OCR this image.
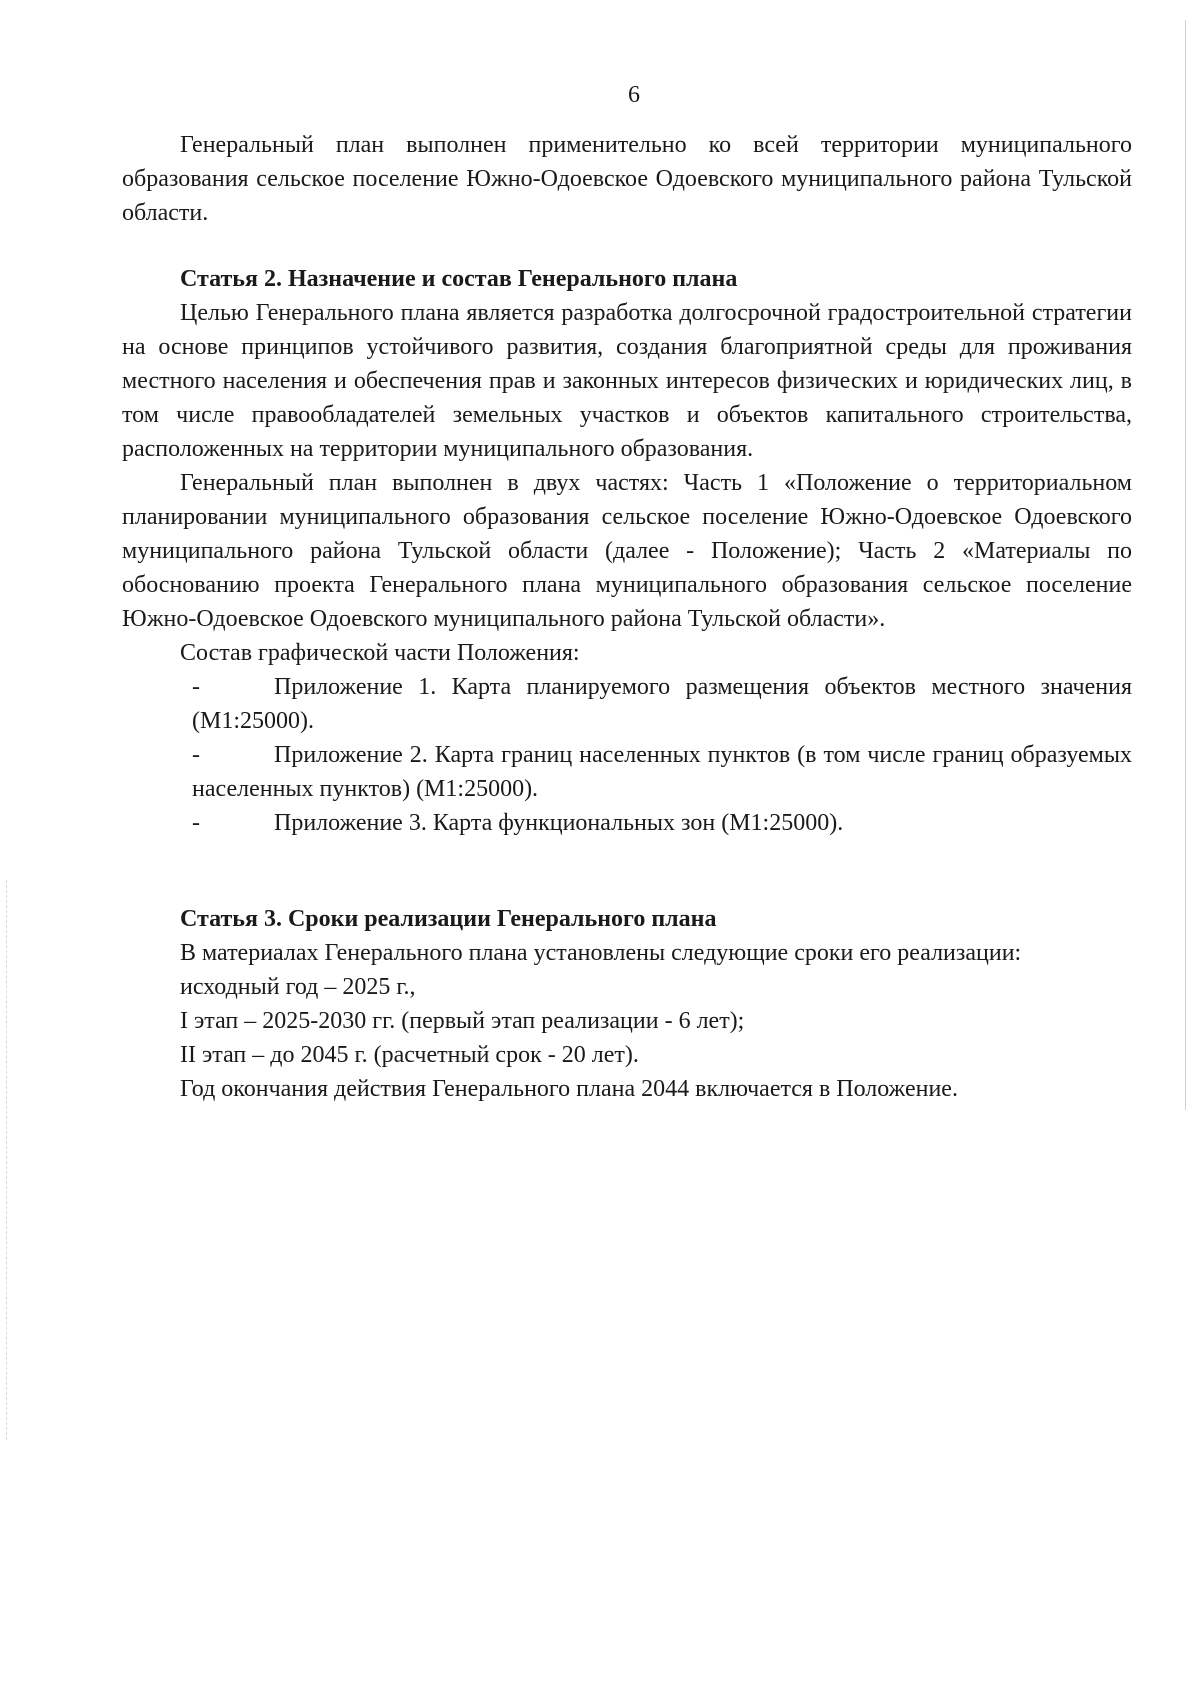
6

Генеральный план выполнен применительно ко всей территории муниципального образования сельское поселение Южно-Одоевское Одоевского муниципального района Тульской области.

Статья 2. Назначение и состав Генерального плана

Целью Генерального плана является разработка долгосрочной градостроительной стратегии на основе принципов устойчивого развития, создания благоприятной среды для проживания местного населения и обеспечения прав и законных интересов физических и юридических лиц, в том числе правообладателей земельных участков и объектов капитального строительства, расположенных на территории муниципального образования.

Генеральный план выполнен в двух частях: Часть 1 «Положение о территориальном планировании муниципального образования сельское поселение Южно-Одоевское Одоевского муниципального района Тульской области (далее - Положение); Часть 2 «Материалы по обоснованию проекта Генерального плана муниципального образования сельское поселение Южно-Одоевское Одоевского муниципального района Тульской области».

Состав графической части Положения:

-	Приложение 1. Карта планируемого размещения объектов местного значения (М1:25000).
-	Приложение 2. Карта границ населенных пунктов (в том числе границ образуемых населенных пунктов) (М1:25000).
-	Приложение 3. Карта функциональных зон (М1:25000).

Статья 3. Сроки реализации Генерального плана

В материалах Генерального плана установлены следующие сроки его реализации:

исходный год – 2025 г.,

I этап – 2025-2030 гг. (первый этап реализации - 6 лет);

II этап – до 2045 г. (расчетный срок - 20 лет).

Год окончания действия Генерального плана 2044 включается в Положение.
